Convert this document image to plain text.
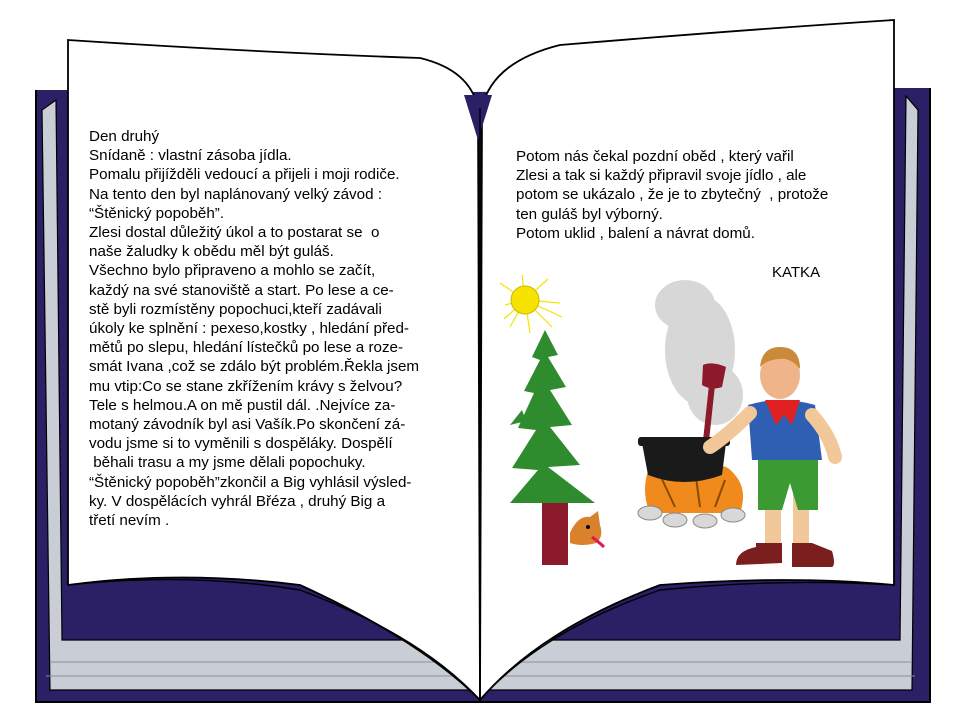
Den druhý
Snídaně : vlastní zásoba jídla.
Pomalu přijížděli vedoucí a přijeli i moji rodiče.
Na tento den byl naplánovaný velký závod :
“Štěnický popoběh”.
Zlesi dostal důležitý úkol a to postarat se  o
naše žaludky k obědu měl být guláš.
Všechno bylo připraveno a mohlo se začít,
každý na své stanoviště a start. Po lese a ce-
stě byli rozmístěny popochuci,kteří zadávali
úkoly ke splnění : pexeso,kostky , hledání před-
mětů po slepu, hledání lístečků po lese a roze-
smát Ivana ,což se zdálo být problém.Řekla jsem
mu vtip:Co se stane zkřížením krávy s želvou?
Tele s helmou.A on mě pustil dál. .Nejvíce za-
motaný závodník byl asi Vašík.Po skončení zá-
vodu jsme si to vyměnili s dospěláky. Dospělí
běhali trasu a my jsme dělali popochuky.
“Štěnický popoběh”zkončil a Big vyhlásil výsled-
ky. V dospělácích vyhrál Břéza , druhý Big a
třetí nevím .
Potom nás čekal pozdní oběd , který vařil
Zlesi a tak si každý připravil svoje jídlo , ale
potom se ukázalo , že je to zbytečný  , protože
ten guláš byl výborný.
Potom uklid , balení a návrat domů.
KATKA
